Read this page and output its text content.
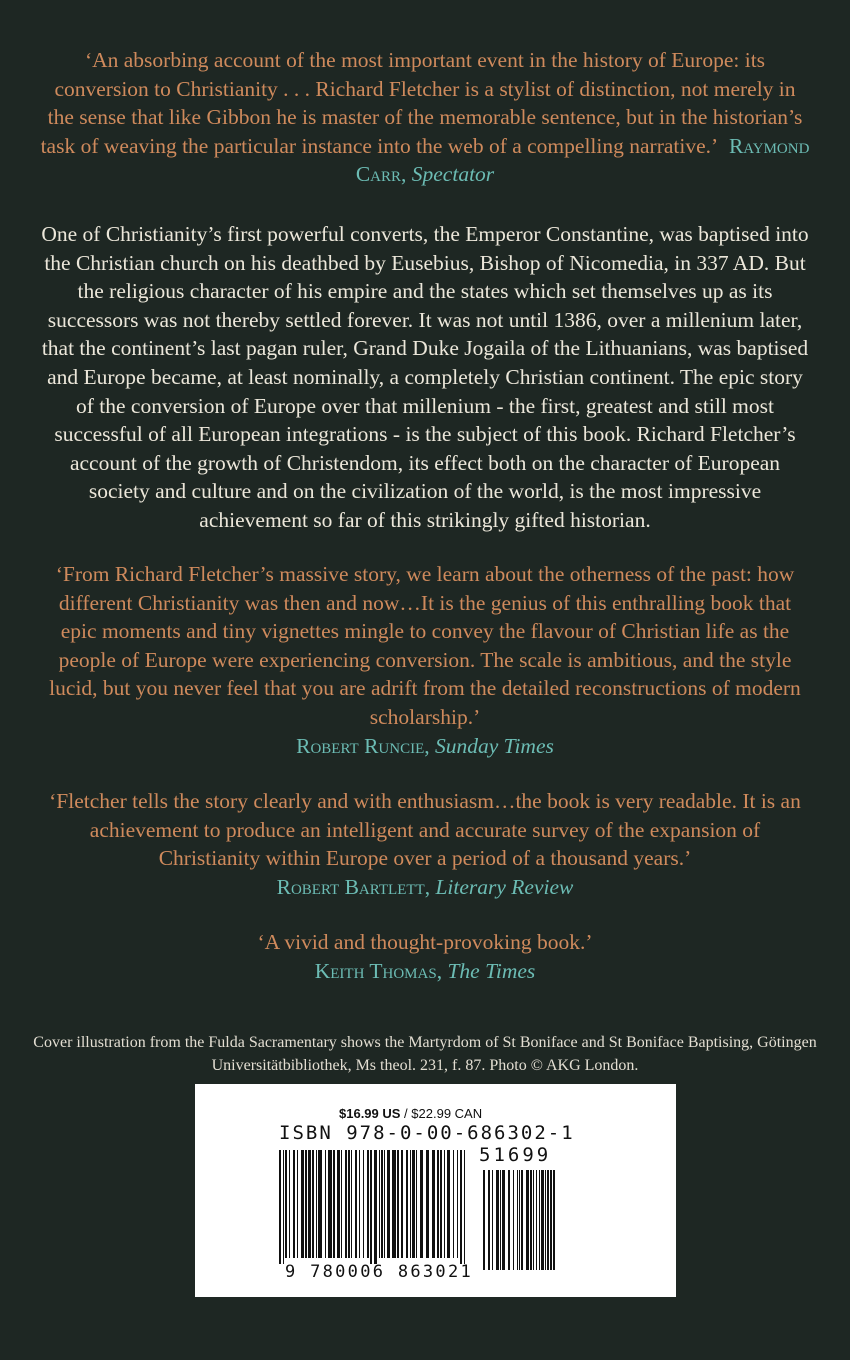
‘An absorbing account of the most important event in the history of Europe: its conversion to Christianity . . . Richard Fletcher is a stylist of distinction, not merely in the sense that like Gibbon he is master of the memorable sentence, but in the historian’s task of weaving the particular instance into the web of a compelling narrative.’ Raymond Carr, Spectator

One of Christianity’s first powerful converts, the Emperor Constantine, was baptised into the Christian church on his deathbed by Eusebius, Bishop of Nicomedia, in 337 AD. But the religious character of his empire and the states which set themselves up as its successors was not thereby settled forever. It was not until 1386, over a millenium later, that the continent’s last pagan ruler, Grand Duke Jogaila of the Lithuanians, was baptised and Europe became, at least nominally, a completely Christian continent. The epic story of the conversion of Europe over that millenium - the first, greatest and still most successful of all European integrations - is the subject of this book. Richard Fletcher’s account of the growth of Christendom, its effect both on the character of European society and culture and on the civilization of the world, is the most impressive achievement so far of this strikingly gifted historian.

‘From Richard Fletcher’s massive story, we learn about the otherness of the past: how different Christianity was then and now…It is the genius of this enthralling book that epic moments and tiny vignettes mingle to convey the flavour of Christian life as the people of Europe were experiencing conversion. The scale is ambitious, and the style lucid, but you never feel that you are adrift from the detailed reconstructions of modern scholarship.’
Robert Runcie, Sunday Times

‘Fletcher tells the story clearly and with enthusiasm…the book is very readable. It is an achievement to produce an intelligent and accurate survey of the expansion of Christianity within Europe over a period of a thousand years.’
Robert Bartlett, Literary Review

‘A vivid and thought-provoking book.’
Keith Thomas, The Times

Cover illustration from the Fulda Sacramentary shows the Martyrdom of St Boniface and St Boniface Baptising, Götingen Universitätbibliothek, Ms theol. 231, f. 87. Photo © AKG London.

$16.99 US / $22.99 CAN
ISBN 978-0-00-686302-1
51699
9 780006 863021
